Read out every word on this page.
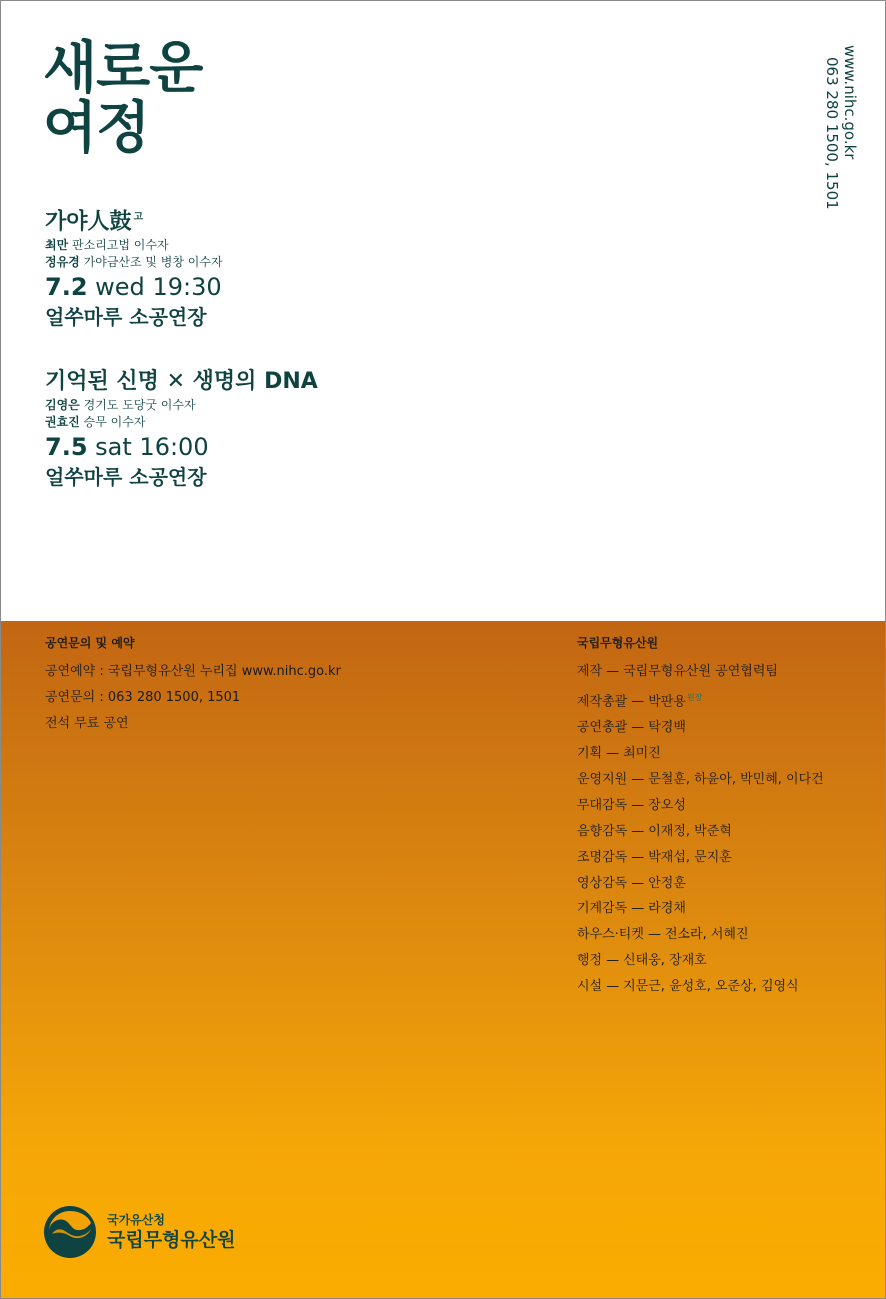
새로운
여정	www.nihc.go.kr
063 280 1500, 1501
가야人鼓 $^고$
최만 판소리고법 이수자
정유경 가야금산조 및 병창 이수자
7.2 wed 19:30
얼쑤마루 소공연장
기억된 신명 ✕ 생명의 DNA
김영은 경기도 도당굿 이수자
권효진 승무 이수자
7.5 sat 16:00
얼쑤마루 소공연장
공연문의 및 예약
공연예약 : 국립무형유산원 누리집 www.nihc.go.kr
공연문의 : 063 280 1500, 1501
전석 무료 공연
국립무형유산원
제작 — 국립무형유산원 공연협력팀
제작총괄 — 박판용$^{원장}$
공연총괄 — 탁경백
기획 — 최미진
운영지원 — 문철훈, 하윤아, 박민혜, 이다건
무대감독 — 장오성
음향감독 — 이재정, 박준혁
조명감독 — 박재섭, 문지훈
영상감독 — 안정훈
기계감독 — 라경채
하우스·티켓 — 전소라, 서혜진
행정 — 신태웅, 장재호
시설 — 지문근, 윤성호, 오준상, 김영식
국가유산청
국립무형유산원
